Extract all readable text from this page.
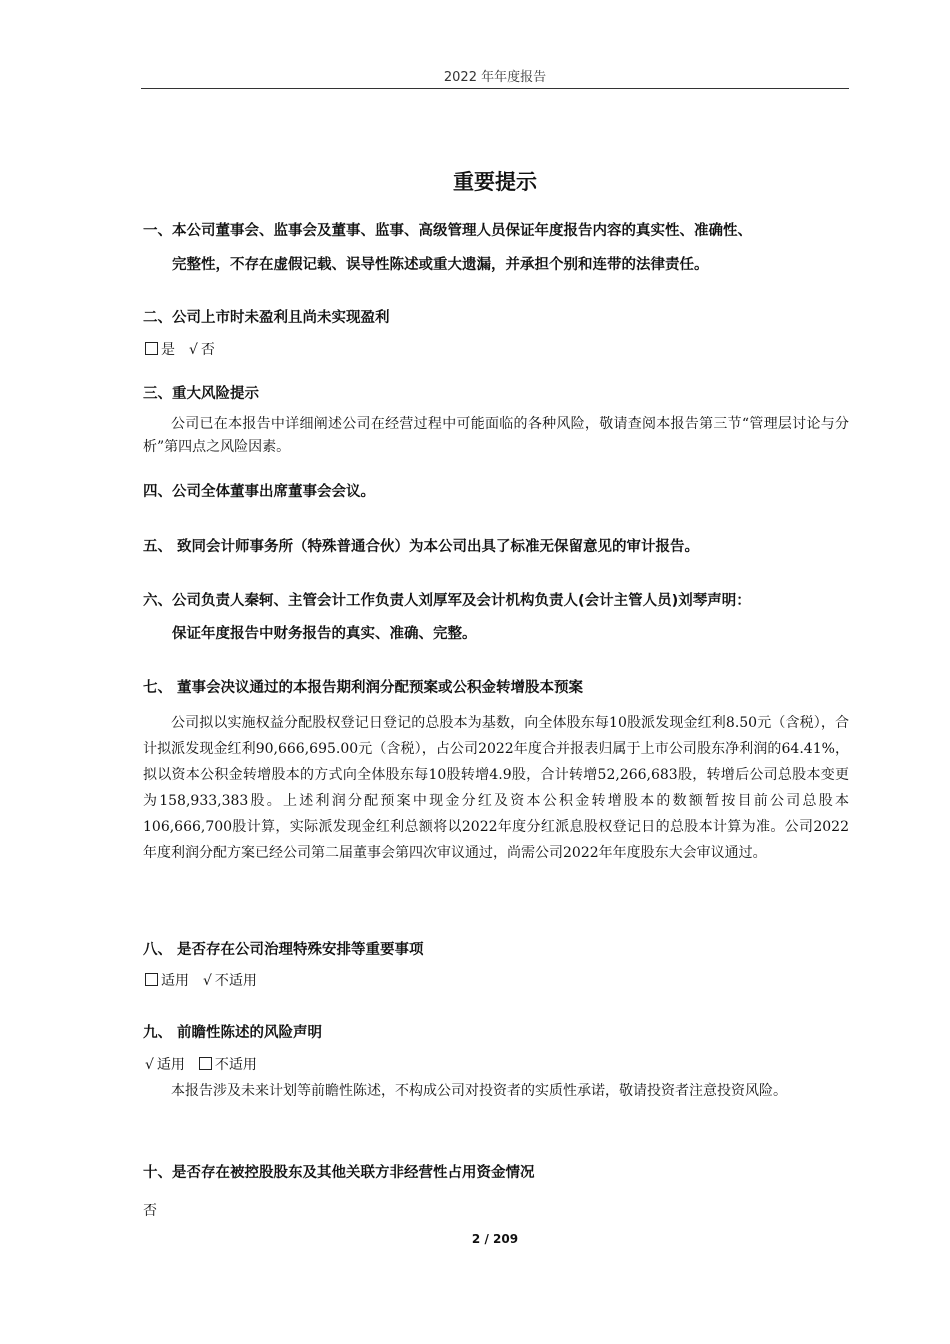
2022 年年度报告
重要提示
一、本公司董事会、监事会及董事、监事、高级管理人员保证年度报告内容的真实性、准确性、
完整性，不存在虚假记载、误导性陈述或重大遗漏，并承担个别和连带的法律责任。
二、公司上市时未盈利且尚未实现盈利
是 √ 否
三、重大风险提示
公司已在本报告中详细阐述公司在经营过程中可能面临的各种风险，敬请查阅本报告第三节“管理层讨论与分析”第四点之风险因素。
四、公司全体董事出席董事会会议。
五、 致同会计师事务所（特殊普通合伙）为本公司出具了标准无保留意见的审计报告。
六、公司负责人秦轲、主管会计工作负责人刘厚军及会计机构负责人(会计主管人员)刘琴声明：
保证年度报告中财务报告的真实、准确、完整。
七、 董事会决议通过的本报告期利润分配预案或公积金转增股本预案
公司拟以实施权益分配股权登记日登记的总股本为基数，向全体股东每10股派发现金红利8.50元（含税），合计拟派发现金红利90,666,695.00元（含税），占公司2022年度合并报表归属于上市公司股东净利润的64.41%，拟以资本公积金转增股本的方式向全体股东每10股转增4.9股，合计转增52,266,683股，转增后公司总股本变更为158,933,383股。上述利润分配预案中现金分红及资本公积金转增股本的数额暂按目前公司总股本106,666,700股计算，实际派发现金红利总额将以2022年度分红派息股权登记日的总股本计算为准。公司2022年度利润分配方案已经公司第二届董事会第四次审议通过，尚需公司2022年年度股东大会审议通过。
八、 是否存在公司治理特殊安排等重要事项
适用 √ 不适用
九、 前瞻性陈述的风险声明
√ 适用 不适用
本报告涉及未来计划等前瞻性陈述，不构成公司对投资者的实质性承诺，敬请投资者注意投资风险。
十、是否存在被控股股东及其他关联方非经营性占用资金情况
否
2 / 209
